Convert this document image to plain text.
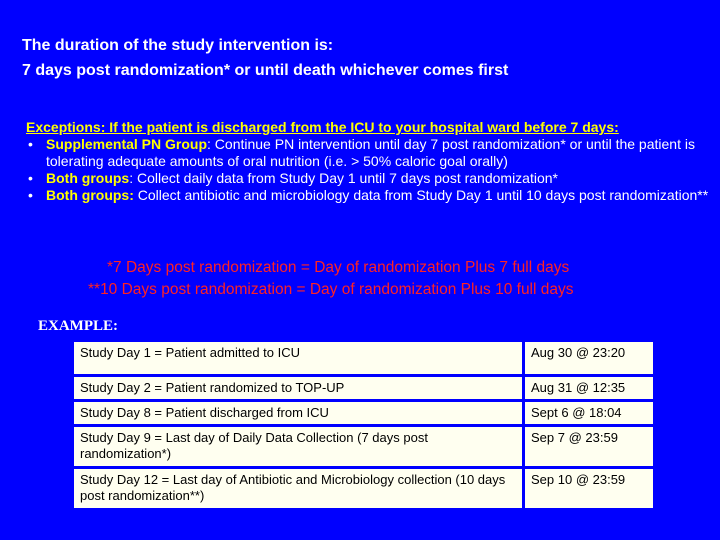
The duration of the study intervention is:
7 days post randomization* or until death whichever comes first

Exceptions: If the patient is discharged from the ICU to your hospital ward before 7 days:

• Supplemental PN Group: Continue PN intervention until day 7 post randomization* or until the patient is tolerating adequate amounts of oral nutrition (i.e. > 50% caloric goal orally)
• Both groups: Collect daily data from Study Day 1 until 7 days post randomization*
• Both groups: Collect antibiotic and microbiology data from Study Day 1 until 10 days post randomization**
*7 Days post randomization = Day of randomization Plus 7 full days
**10 Days post randomization = Day of randomization Plus 10 full days
EXAMPLE:
Study Day 1 = Patient admitted to ICU	Aug 30 @ 23:20
Study Day 2 = Patient randomized to TOP-UP	Aug 31 @ 12:35
Study Day 8 = Patient discharged from ICU	Sept 6 @ 18:04
Study Day 9 = Last day of Daily Data Collection (7 days post randomization*)	Sep 7 @ 23:59
Study Day 12 = Last day of Antibiotic and Microbiology collection (10 days post randomization**)	Sep 10 @ 23:59
